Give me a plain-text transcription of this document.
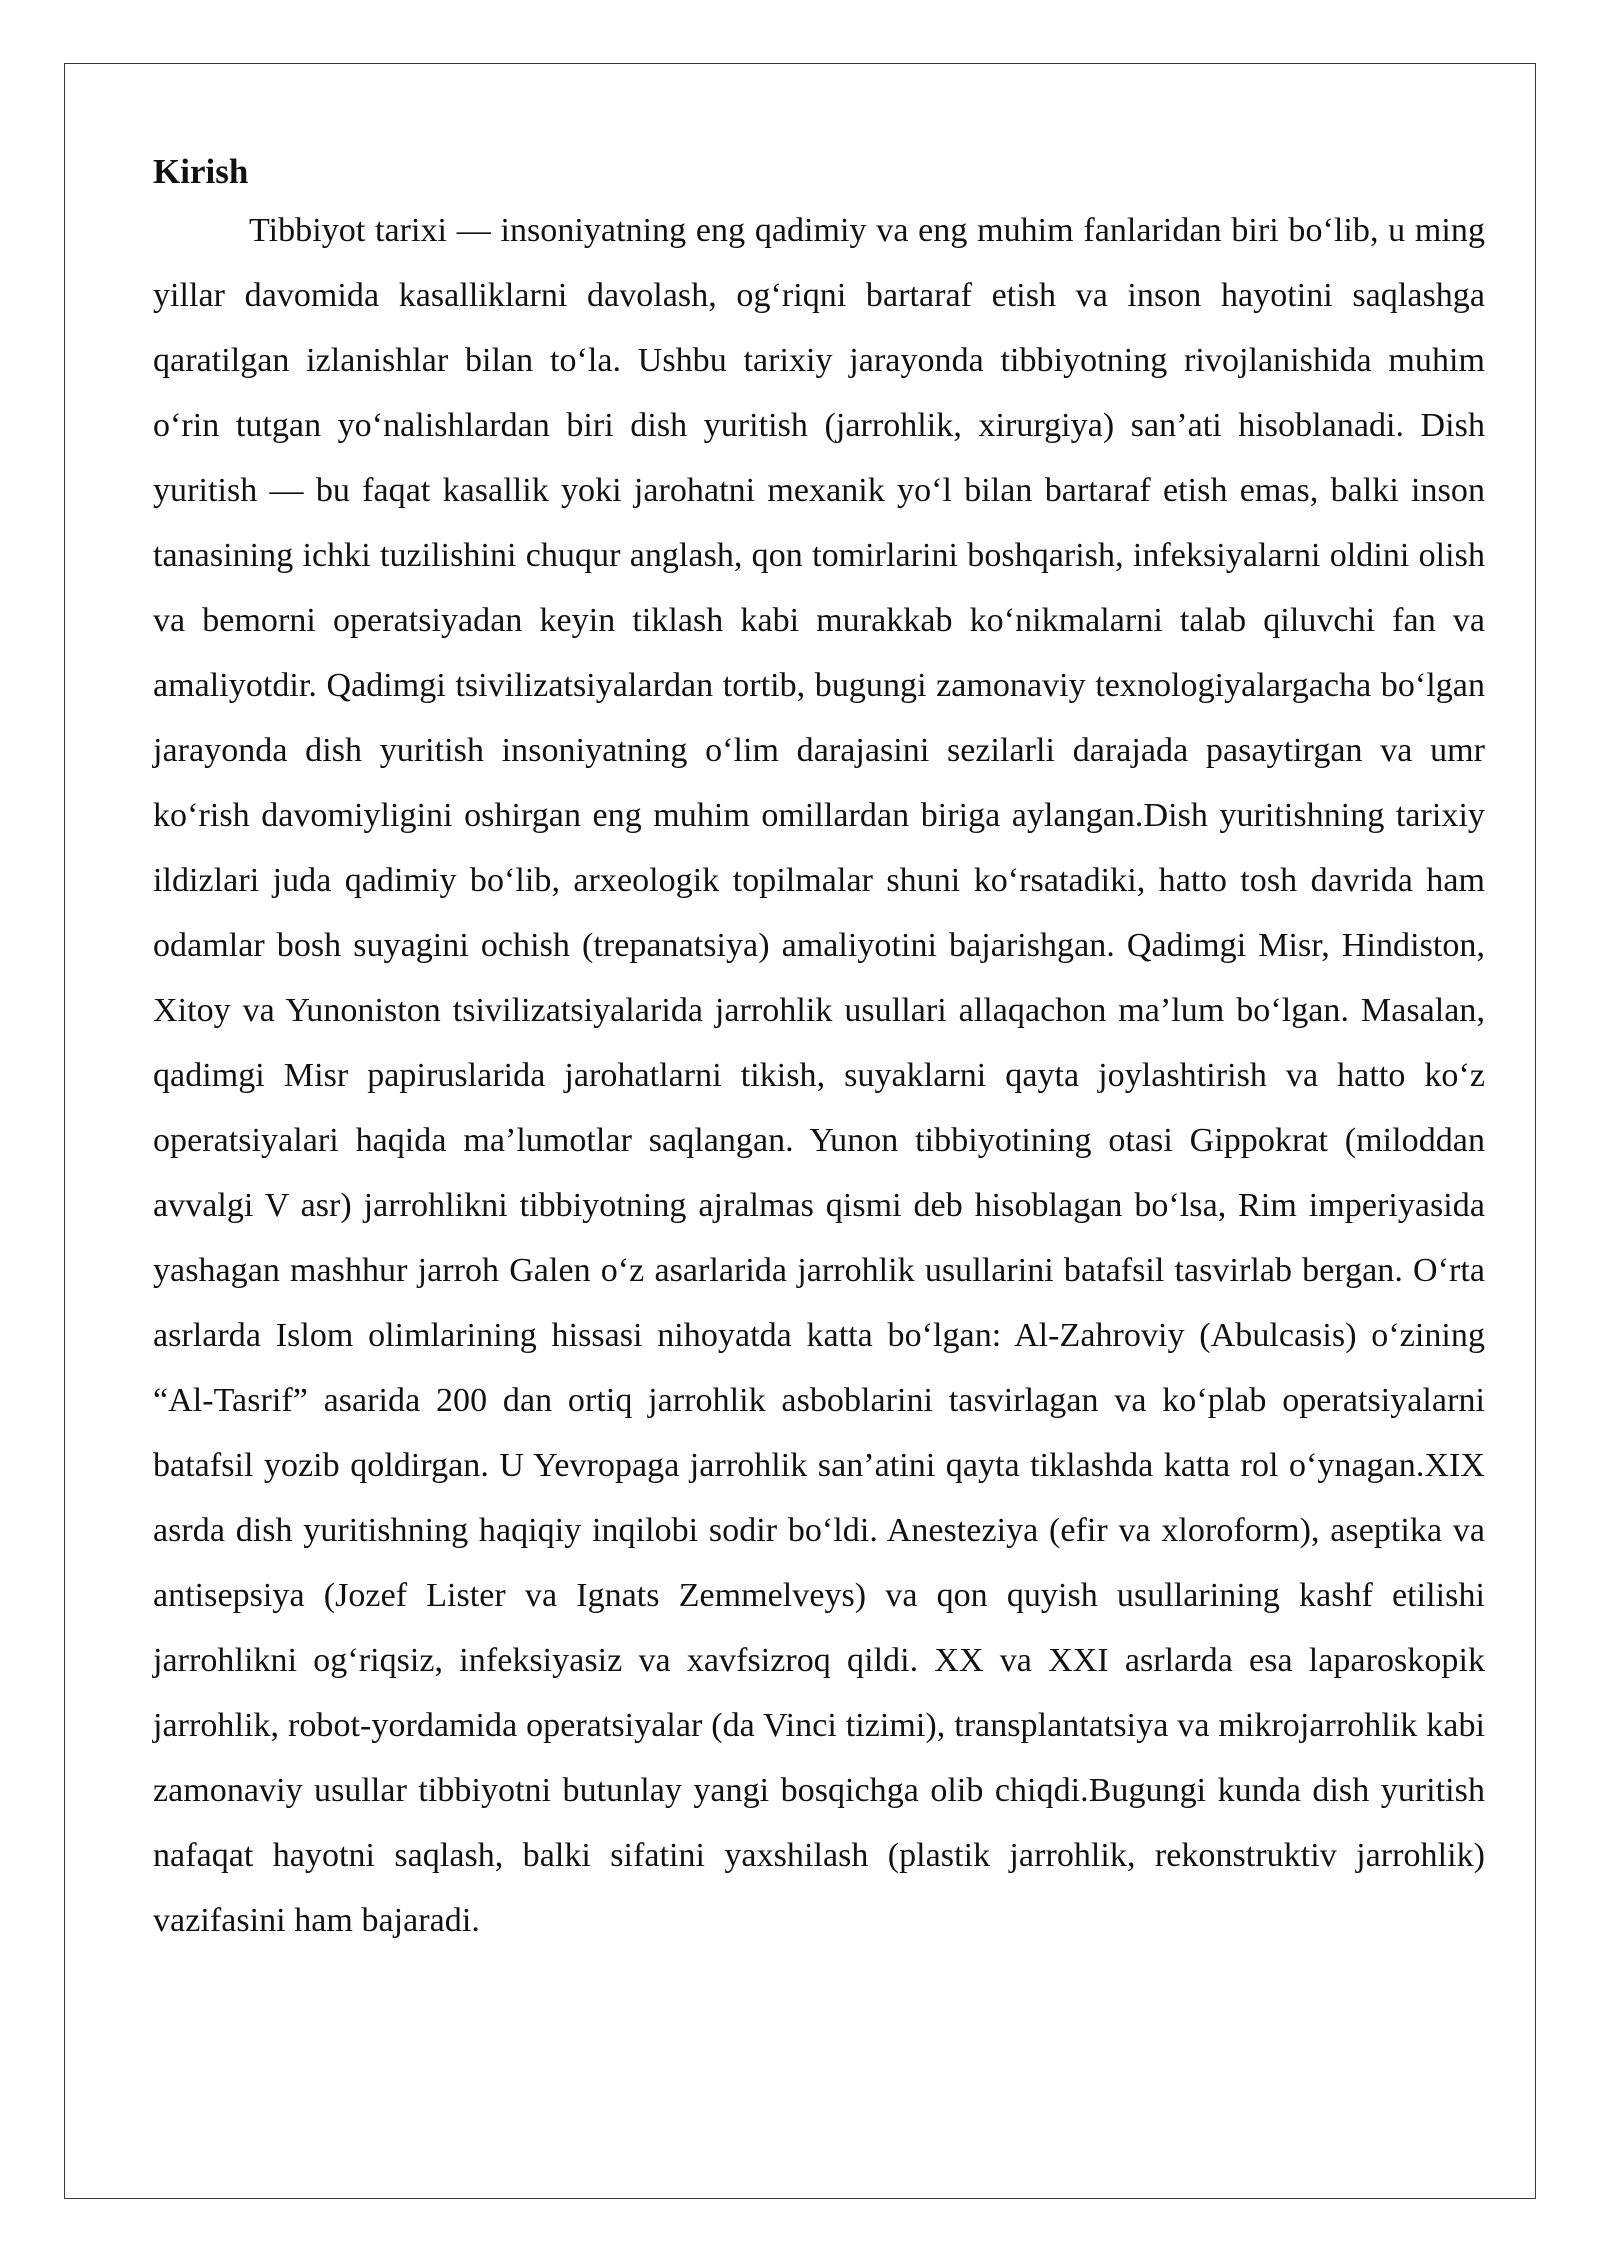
Kirish

Tibbiyot tarixi — insoniyatning eng qadimiy va eng muhim fanlaridan biri bo‘lib, u ming yillar davomida kasalliklarni davolash, og‘riqni bartaraf etish va inson hayotini saqlashga qaratilgan izlanishlar bilan to‘la. Ushbu tarixiy jarayonda tibbiyotning rivojlanishida muhim o‘rin tutgan yo‘nalishlardan biri dish yuritish (jarrohlik, xirurgiya) san’ati hisoblanadi. Dish yuritish — bu faqat kasallik yoki jarohatni mexanik yo‘l bilan bartaraf etish emas, balki inson tanasining ichki tuzilishini chuqur anglash, qon tomirlarini boshqarish, infeksiyalarni oldini olish va bemorni operatsiyadan keyin tiklash kabi murakkab ko‘nikmalarni talab qiluvchi fan va amaliyotdir. Qadimgi tsivilizatsiyalardan tortib, bugungi zamonaviy texnologiyalargacha bo‘lgan jarayonda dish yuritish insoniyatning o‘lim darajasini sezilarli darajada pasaytirgan va umr ko‘rish davomiyligini oshirgan eng muhim omillardan biriga aylangan.Dish yuritishning tarixiy ildizlari juda qadimiy bo‘lib, arxeologik topilmalar shuni ko‘rsatadiki, hatto tosh davrida ham odamlar bosh suyagini ochish (trepanatsiya) amaliyotini bajarishgan. Qadimgi Misr, Hindiston, Xitoy va Yunoniston tsivilizatsiyalarida jarrohlik usullari allaqachon ma’lum bo‘lgan. Masalan, qadimgi Misr papiruslarida jarohatlarni tikish, suyaklarni qayta joylashtirish va hatto ko‘z operatsiyalari haqida ma’lumotlar saqlangan. Yunon tibbiyotining otasi Gippokrat (miloddan avvalgi V asr) jarrohlikni tibbiyotning ajralmas qismi deb hisoblagan bo‘lsa, Rim imperiyasida yashagan mashhur jarroh Galen o‘z asarlarida jarrohlik usullarini batafsil tasvirlab bergan. O‘rta asrlarda Islom olimlarining hissasi nihoyatda katta bo‘lgan: Al-Zahroviy (Abulcasis) o‘zining “Al-Tasrif” asarida 200 dan ortiq jarrohlik asboblarini tasvirlagan va ko‘plab operatsiyalarni batafsil yozib qoldirgan. U Yevropaga jarrohlik san’atini qayta tiklashda katta rol o‘ynagan.XIX asrda dish yuritishning haqiqiy inqilobi sodir bo‘ldi. Anesteziya (efir va xloroform), aseptika va antisepsiya (Jozef Lister va Ignats Zemmelveys) va qon quyish usullarining kashf etilishi jarrohlikni og‘riqsiz, infeksiyasiz va xavfsizroq qildi. XX va XXI asrlarda esa laparoskopik jarrohlik, robot-yordamida operatsiyalar (da Vinci tizimi), transplantatsiya va mikrojarrohlik kabi zamonaviy usullar tibbiyotni butunlay yangi bosqichga olib chiqdi.Bugungi kunda dish yuritish nafaqat hayotni saqlash, balki sifatini yaxshilash (plastik jarrohlik, rekonstruktiv jarrohlik) vazifasini ham bajaradi.
